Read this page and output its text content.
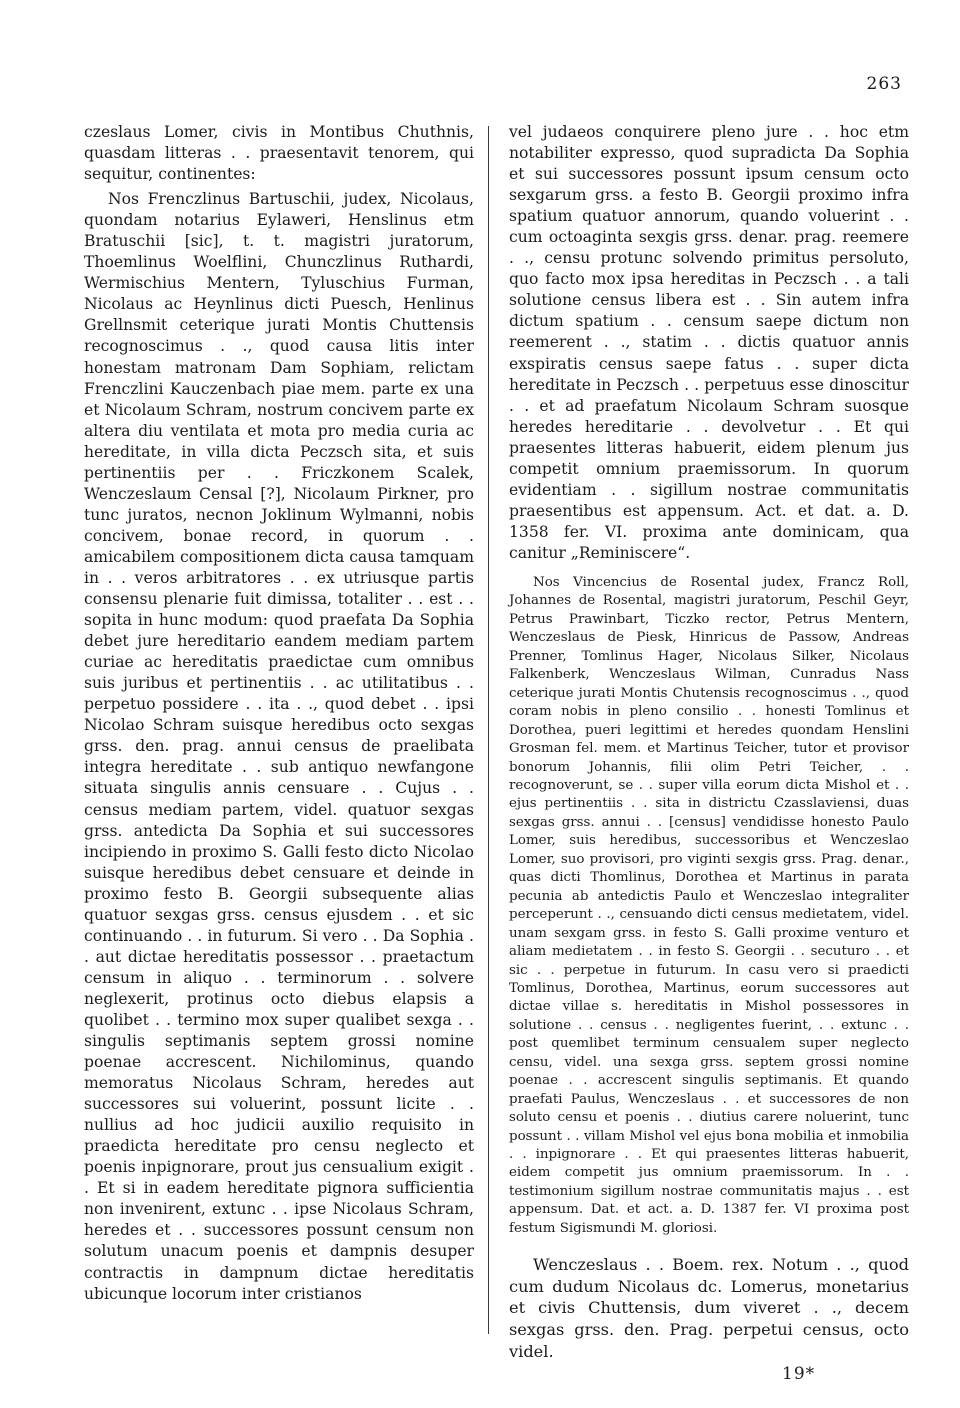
263

czeslaus Lomer, civis in Montibus Chuthnis, quasdam litteras . . praesentavit tenorem, qui sequitur, continentes:

Nos Frenczlinus Bartuschii, judex, Nicolaus, quondam notarius Eylaweri, Henslinus etm Bratuschii [sic], t. t. magistri juratorum, Thoemlinus Woelflini, Chunczlinus Ruthardi, Wermischius Mentern, Tyluschius Furman, Nicolaus ac Heynlinus dicti Puesch, Henlinus Grellnsmit ceterique jurati Montis Chuttensis recognoscimus . ., quod causa litis inter honestam matronam Dam Sophiam, relictam Frenczlini Kauczenbach piae mem. parte ex una et Nicolaum Schram, nostrum concivem parte ex altera diu ventilata et mota pro media curia ac hereditate, in villa dicta Peczsch sita, et suis pertinentiis per . . Friczkonem Scalek, Wenczeslaum Censal [?], Nicolaum Pirkner, pro tunc juratos, necnon Joklinum Wylmanni, nobis concivem, bonae record, in quorum . . amicabilem compositionem dicta causa tamquam in . . veros arbitratores . . ex utriusque partis consensu plenarie fuit dimissa, totaliter . . est . . sopita in hunc modum: quod praefata Da Sophia debet jure hereditario eandem mediam partem curiae ac hereditatis praedictae cum omnibus suis juribus et pertinentiis . . ac utilitatibus . . perpetuo possidere . . ita . ., quod debet . . ipsi Nicolao Schram suisque heredibus octo sexgas grss. den. prag. annui census de praelibata integra hereditate . . sub antiquo newfangone situata singulis annis censuare . . Cujus . . census mediam partem, videl. quatuor sexgas grss. antedicta Da Sophia et sui successores incipiendo in proximo S. Galli festo dicto Nicolao suisque heredibus debet censuare et deinde in proximo festo B. Georgii subsequente alias quatuor sexgas grss. census ejusdem . . et sic continuando . . in futurum. Si vero . . Da Sophia . . aut dictae hereditatis possessor . . praetactum censum in aliquo . . terminorum . . solvere neglexerit, protinus octo diebus elapsis a quolibet . . termino mox super qualibet sexga . . singulis septimanis septem grossi nomine poenae accrescent. Nichilominus, quando memoratus Nicolaus Schram, heredes aut successores sui voluerint, possunt licite . . nullius ad hoc judicii auxilio requisito in praedicta hereditate pro censu neglecto et poenis inpignorare, prout jus censualium exigit . . Et si in eadem hereditate pignora sufficientia non invenirent, extunc . . ipse Nicolaus Schram, heredes et . . successores possunt censum non solutum unacum poenis et dampnis desuper contractis in dampnum dictae hereditatis ubicunque locorum inter cristianos

vel judaeos conquirere pleno jure . . hoc etm notabiliter expresso, quod supradicta Da Sophia et sui successores possunt ipsum censum octo sexgarum grss. a festo B. Georgii proximo infra spatium quatuor annorum, quando voluerint . . cum octoaginta sexgis grss. denar. prag. reemere . ., censu protunc solvendo primitus persoluto, quo facto mox ipsa hereditas in Peczsch . . a tali solutione census libera est . . Sin autem infra dictum spatium . . censum saepe dictum non reemerent . ., statim . . dictis quatuor annis exspiratis census saepe fatus . . super dicta hereditate in Peczsch . . perpetuus esse dinoscitur . . et ad praefatum Nicolaum Schram suosque heredes hereditarie . . devolvetur . . Et qui praesentes litteras habuerit, eidem plenum jus competit omnium praemissorum. In quorum evidentiam . . sigillum nostrae communitatis praesentibus est appensum. Act. et dat. a. D. 1358 fer. VI. proxima ante dominicam, qua canitur „Reminiscere“.

Nos Vincencius de Rosental judex, Francz Roll, Johannes de Rosental, magistri juratorum, Peschil Geyr, Petrus Prawinbart, Ticzko rector, Petrus Mentern, Wenczeslaus de Piesk, Hinricus de Passow, Andreas Prenner, Tomlinus Hager, Nicolaus Silker, Nicolaus Falkenberk, Wenczeslaus Wilman, Cunradus Nass ceterique jurati Montis Chutensis recognoscimus . ., quod coram nobis in pleno consilio . . honesti Tomlinus et Dorothea, pueri legittimi et heredes quondam Henslini Grosman fel. mem. et Martinus Teicher, tutor et provisor bonorum Johannis, filii olim Petri Teicher, . . recognoverunt, se . . super villa eorum dicta Mishol et . . ejus pertinentiis . . sita in districtu Czasslaviensi, duas sexgas grss. annui . . [census] vendidisse honesto Paulo Lomer, suis heredibus, successoribus et Wenczeslao Lomer, suo provisori, pro viginti sexgis grss. Prag. denar., quas dicti Thomlinus, Dorothea et Martinus in parata pecunia ab antedictis Paulo et Wenczeslao integraliter perceperunt . ., censuando dicti census medietatem, videl. unam sexgam grss. in festo S. Galli proxime venturo et aliam medietatem . . in festo S. Georgii . . secuturo . . et sic . . perpetue in futurum. In casu vero si praedicti Tomlinus, Dorothea, Martinus, eorum successores aut dictae villae s. hereditatis in Mishol possessores in solutione . . census . . negligentes fuerint, . . extunc . . post quemlibet terminum censualem super neglecto censu, videl. una sexga grss. septem grossi nomine poenae . . accrescent singulis septimanis. Et quando praefati Paulus, Wenczeslaus . . et successores de non soluto censu et poenis . . diutius carere noluerint, tunc possunt . . villam Mishol vel ejus bona mobilia et inmobilia . . inpignorare . . Et qui praesentes litteras habuerit, eidem competit jus omnium praemissorum. In . . testimonium sigillum nostrae communitatis majus . . est appensum. Dat. et act. a. D. 1387 fer. VI proxima post festum Sigismundi M. gloriosi.

Wenczeslaus . . Boem. rex. Notum . ., quod cum dudum Nicolaus dc. Lomerus, monetarius et civis Chuttensis, dum viveret . ., decem sexgas grss. den. Prag. perpetui census, octo videl.

19*
